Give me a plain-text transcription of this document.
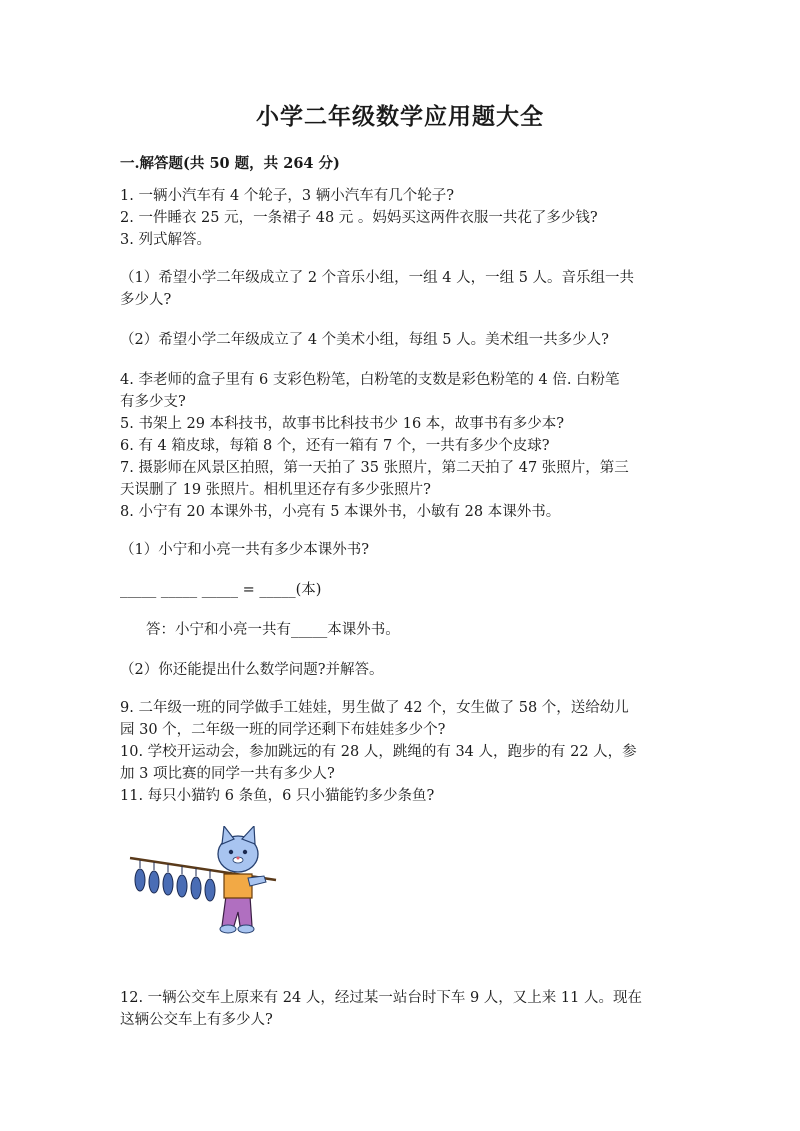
小学二年级数学应用题大全
一.解答题(共 50 题，共 264 分)
1. 一辆小汽车有 4 个轮子，3 辆小汽车有几个轮子?
2. 一件睡衣 25 元，一条裙子 48 元 。妈妈买这两件衣服一共花了多少钱?
3. 列式解答。
（1）希望小学二年级成立了 2 个音乐小组，一组 4 人，一组 5 人。音乐组一共
多少人?
（2）希望小学二年级成立了 4 个美术小组，每组 5 人。美术组一共多少人?
4. 李老师的盒子里有 6 支彩色粉笔，白粉笔的支数是彩色粉笔的 4 倍. 白粉笔
有多少支?
5. 书架上 29 本科技书，故事书比科技书少 16 本，故事书有多少本?
6. 有 4 箱皮球，每箱 8 个，还有一箱有 7 个，一共有多少个皮球?
7. 摄影师在风景区拍照，第一天拍了 35 张照片，第二天拍了 47 张照片，第三
天误删了 19 张照片。相机里还存有多少张照片?
8. 小宁有 20 本课外书，小亮有 5 本课外书，小敏有 28 本课外书。
（1）小宁和小亮一共有多少本课外书?
_____ _____ _____ = _____(本)
答：小宁和小亮一共有_____本课外书。
（2）你还能提出什么数学问题?并解答。
9. 二年级一班的同学做手工娃娃，男生做了 42 个，女生做了 58 个，送给幼儿
园 30 个，二年级一班的同学还剩下布娃娃多少个?
10. 学校开运动会，参加跳远的有 28 人，跳绳的有 34 人，跑步的有 22 人，参
加 3 项比赛的同学一共有多少人?
11. 每只小猫钓 6 条鱼，6 只小猫能钓多少条鱼?
12. 一辆公交车上原来有 24 人，经过某一站台时下车 9 人，又上来 11 人。现在
这辆公交车上有多少人?
